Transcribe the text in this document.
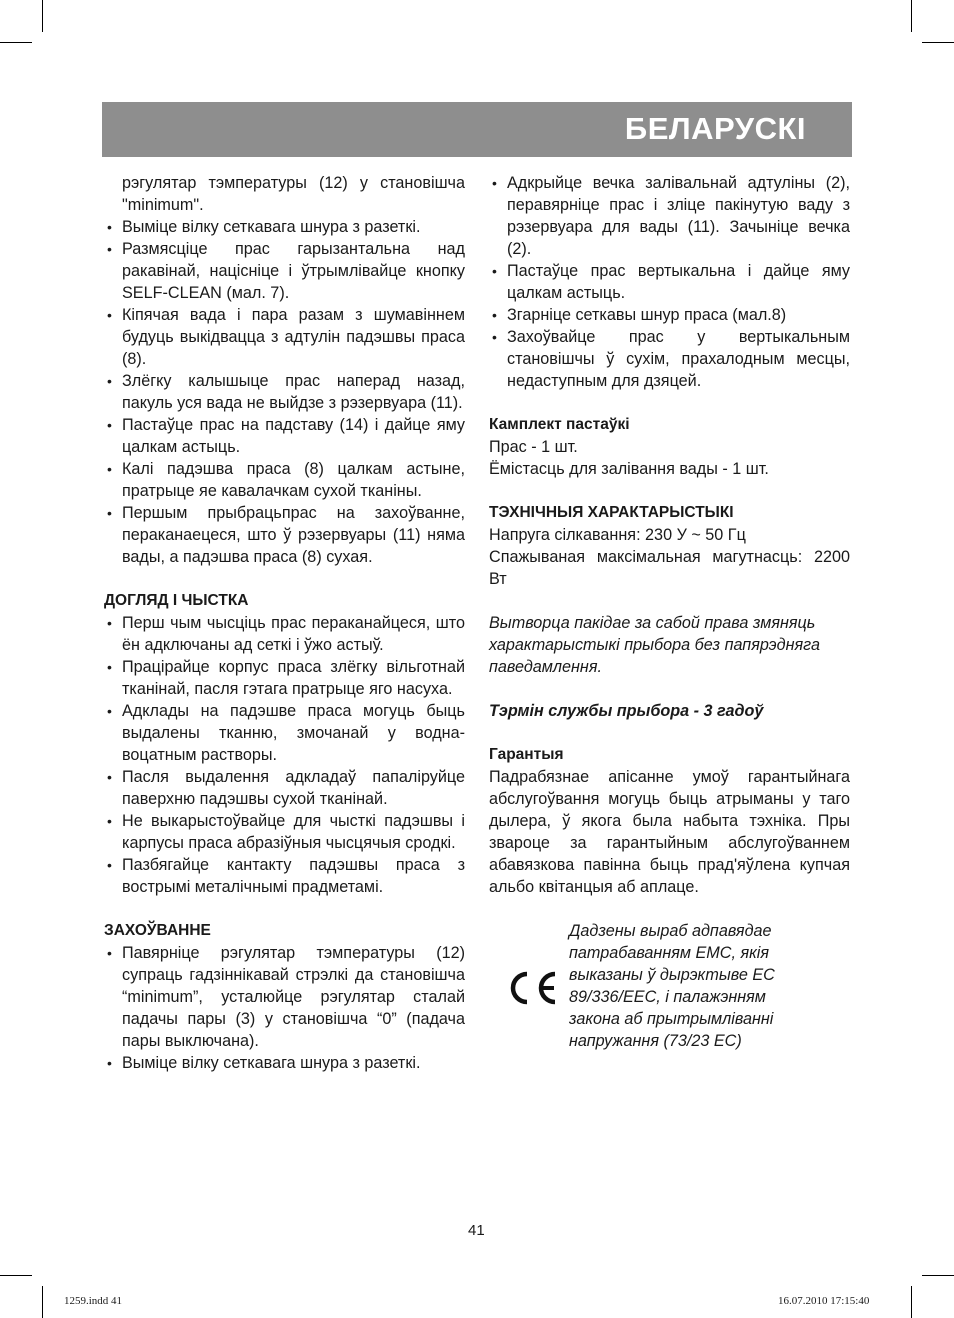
БЕЛАРУСКІ

рэгулятар тэмпературы (12) у становішча "minimum".

• Выміце вілку сеткавага шнура з разеткі.
• Размясціце прас гарызантальна над ракавінай, націсніце і ўтрымлівайце кнопку SELF-CLEAN (мал. 7).
• Кіпячая вада і пара разам з шумавіннем будуць выкідвацца з адтулін падэшвы праса (8).
• Злёгку калышыце прас наперад назад, пакуль уся вада не выйдзе з рэзервуара (11).
• Пастаўце прас на падставу (14) і дайце яму цалкам астыць.
• Калі падэшва праса (8) цалкам астыне, пратрыце яе кавалачкам сухой тканіны.
• Першым прыбрацьпрас на захоўванне, пераканаецеся, што ў рэзервуары (11) няма вады, а падэшва праса (8) сухая.

ДОГЛЯД І ЧЫСТКА

• Перш чым чысціць прас пераканайцеся, што ён адключаны ад сеткі і ўжо астыў.
• Працірайце корпус праса злёгку вільготнай тканінай, пасля гэтага пратрыце яго насуха.
• Адклады на падэшве праса могуць быць выдалены тканню, змочанай у водна-воцатным растворы.
• Пасля выдалення адкладаў папаліруйце паверхню падэшвы сухой тканінай.
• Не выкарыстоўвайце для чысткі падэшвы і карпусы праса абразіўныя чысцячыя сродкі.
• Пазбягайце кантакту падэшвы праса з вострымі металічнымі прадметамі.

ЗАХОЎВАННЕ

• Павярніце рэгулятар тэмпературы (12) супраць гадзіннікавай стрэлкі да становішча “minimum”, усталюйце рэгулятар сталай падачы пары (3) у становішча “0” (падача пары выключана).
• Выміце вілку сеткавага шнура з разеткі.
• Адкрыйце вечка залівальнай адтуліны (2), перавярніце прас і зліце пакінутую ваду з рэзервуара для вады (11). Зачыніце вечка (2).
• Пастаўце прас вертыкальна і дайце яму цалкам астыць.
• Згарніце сеткавы шнур праса (мал.8)
• Захоўвайце прас у вертыкальным становішчы ў сухім, прахалодным месцы, недаступным для дзяцей.

Камплект пастаўкі

Прас - 1 шт.

Ёмістасць для залівання вады - 1 шт.

ТЭХНІЧНЫЯ ХАРАКТАРЫСТЫКІ

Напруга сілкавання: 230 У ~ 50 Гц

Спажываная максімальная магутнасць: 2200 Вт

Вытворца пакідае за сабой права змяняць характарыстыкі прыбора без папярэдняга паведамлення.

Тэрмін службы прыбора - 3 гадоў

Гарантыя

Падрабязнае апісанне умоў гарантыйнага абслугоўвання могуць быць атрыманы у таго дылера, ў якога была набыта тэхніка. Пры звароце за гарантыйным абслугоўваннем абавязкова павінна быць прад'яўлена купчая альбо квітанцыя аб аплаце.

Дадзены выраб адпавядае
патрабаванням ЕМС, якія
выказаны ў дырэктыве ЕС
89/336/ЕЕС, і палажэнням
закона аб прытрымліванні
напружання (73/23 ЕС)
41
1259.indd 41	16.07.2010 17:15:40
